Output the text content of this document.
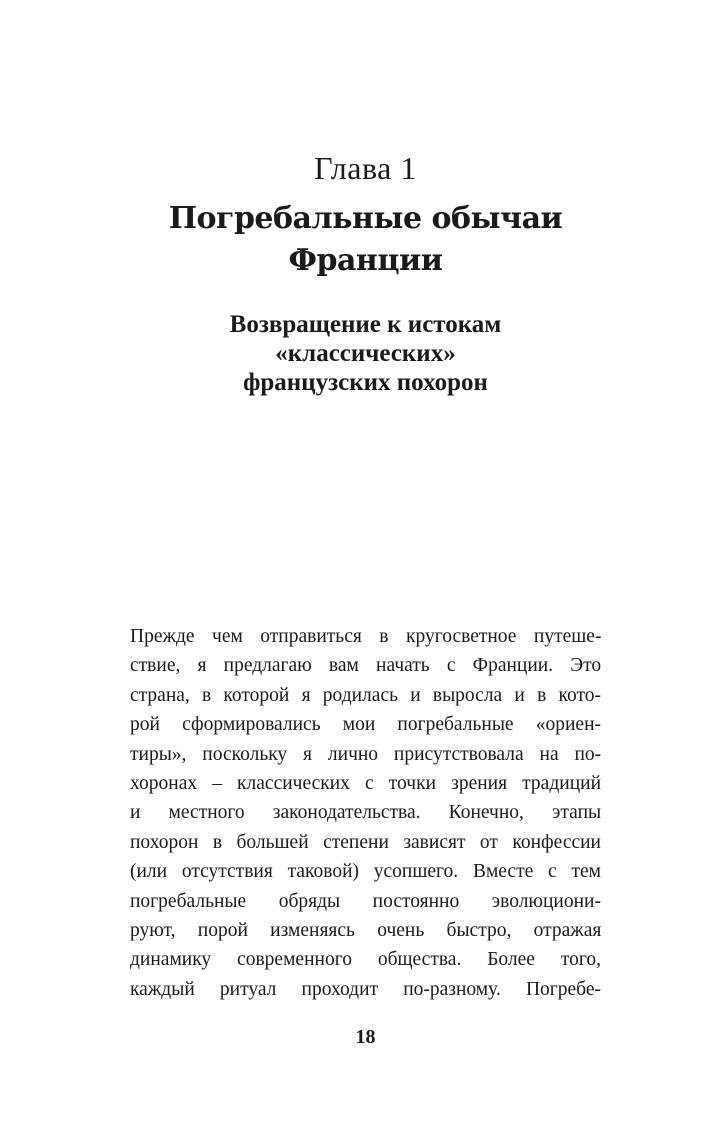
Глава 1
Погребальные обычаи
Франции
Возвращение к истокам
«классических»
французских похорон

Прежде чем отправиться в кругосветное путеше-
ствие, я предлагаю вам начать с Франции. Это
страна, в которой я родилась и выросла и в кото-
рой сформировались мои погребальные «ориен-
тиры», поскольку я лично присутствовала на по-
хоронах – классических с точки зрения традиций
и местного законодательства. Конечно, этапы
похорон в большей степени зависят от конфессии
(или отсутствия таковой) усопшего. Вместе с тем
погребальные обряды постоянно эволюциони-
руют, порой изменяясь очень быстро, отражая
динамику современного общества. Более того,
каждый ритуал проходит по-разному. Погребе-

18
